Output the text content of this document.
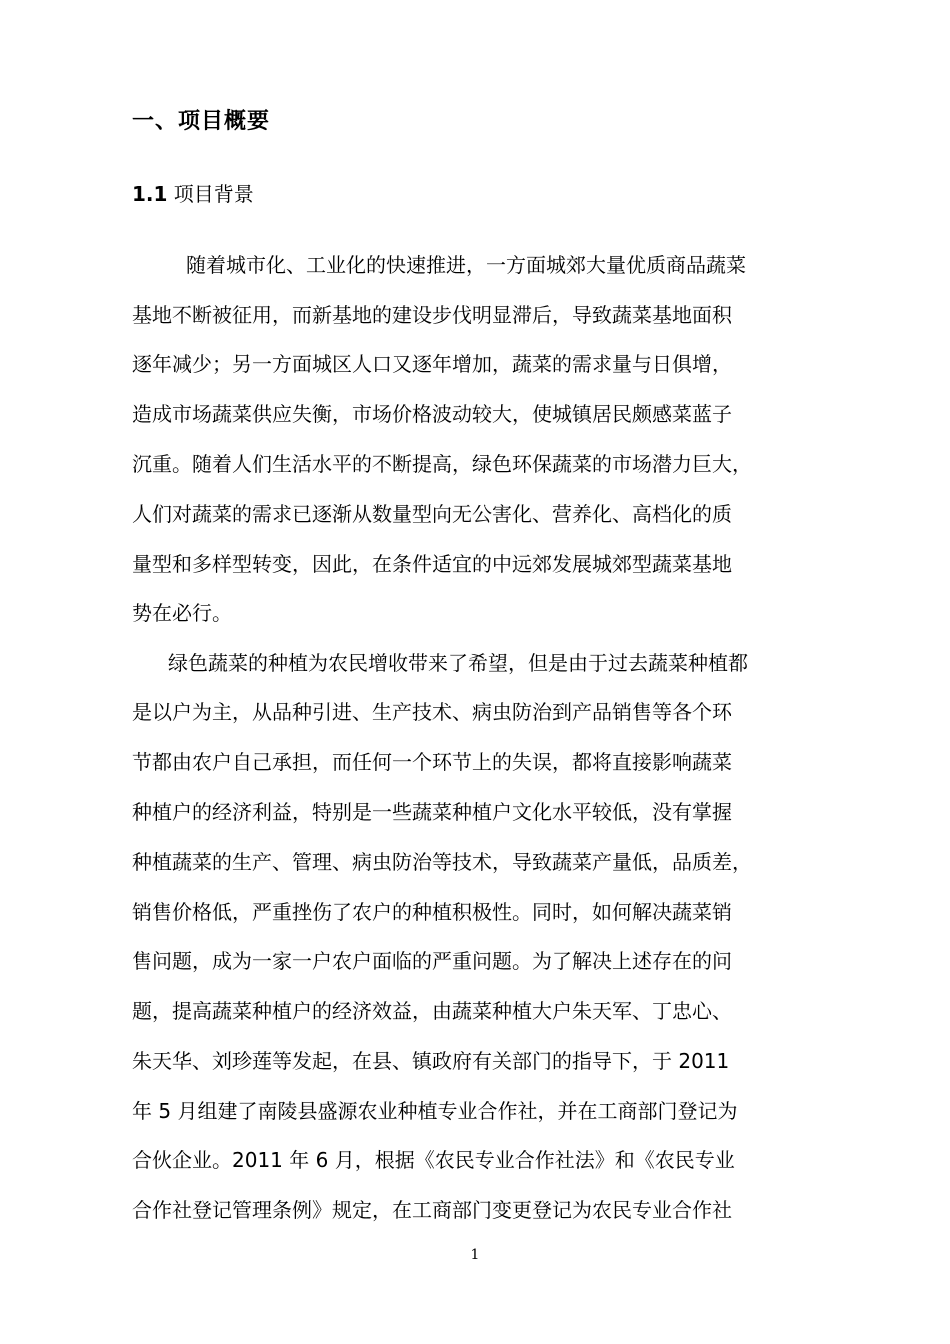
一、项目概要
1.1 项目背景
随着城市化、工业化的快速推进，一方面城郊大量优质商品蔬菜
基地不断被征用，而新基地的建设步伐明显滞后，导致蔬菜基地面积
逐年减少；另一方面城区人口又逐年增加，蔬菜的需求量与日俱增，
造成市场蔬菜供应失衡，市场价格波动较大，使城镇居民颇感菜蓝子
沉重。随着人们生活水平的不断提高，绿色环保蔬菜的市场潜力巨大，
人们对蔬菜的需求已逐渐从数量型向无公害化、营养化、高档化的质
量型和多样型转变，因此，在条件适宜的中远郊发展城郊型蔬菜基地
势在必行。
绿色蔬菜的种植为农民增收带来了希望，但是由于过去蔬菜种植都
是以户为主，从品种引进、生产技术、病虫防治到产品销售等各个环
节都由农户自己承担，而任何一个环节上的失误，都将直接影响蔬菜
种植户的经济利益，特别是一些蔬菜种植户文化水平较低，没有掌握
种植蔬菜的生产、管理、病虫防治等技术，导致蔬菜产量低，品质差，
销售价格低，严重挫伤了农户的种植积极性。同时，如何解决蔬菜销
售问题，成为一家一户农户面临的严重问题。为了解决上述存在的问
题，提高蔬菜种植户的经济效益，由蔬菜种植大户朱天军、丁忠心、
朱天华、刘珍莲等发起，在县、镇政府有关部门的指导下，于 2011
年 5 月组建了南陵县盛源农业种植专业合作社，并在工商部门登记为
合伙企业。2011 年 6 月，根据《农民专业合作社法》和《农民专业
合作社登记管理条例》规定，在工商部门变更登记为农民专业合作社
1
